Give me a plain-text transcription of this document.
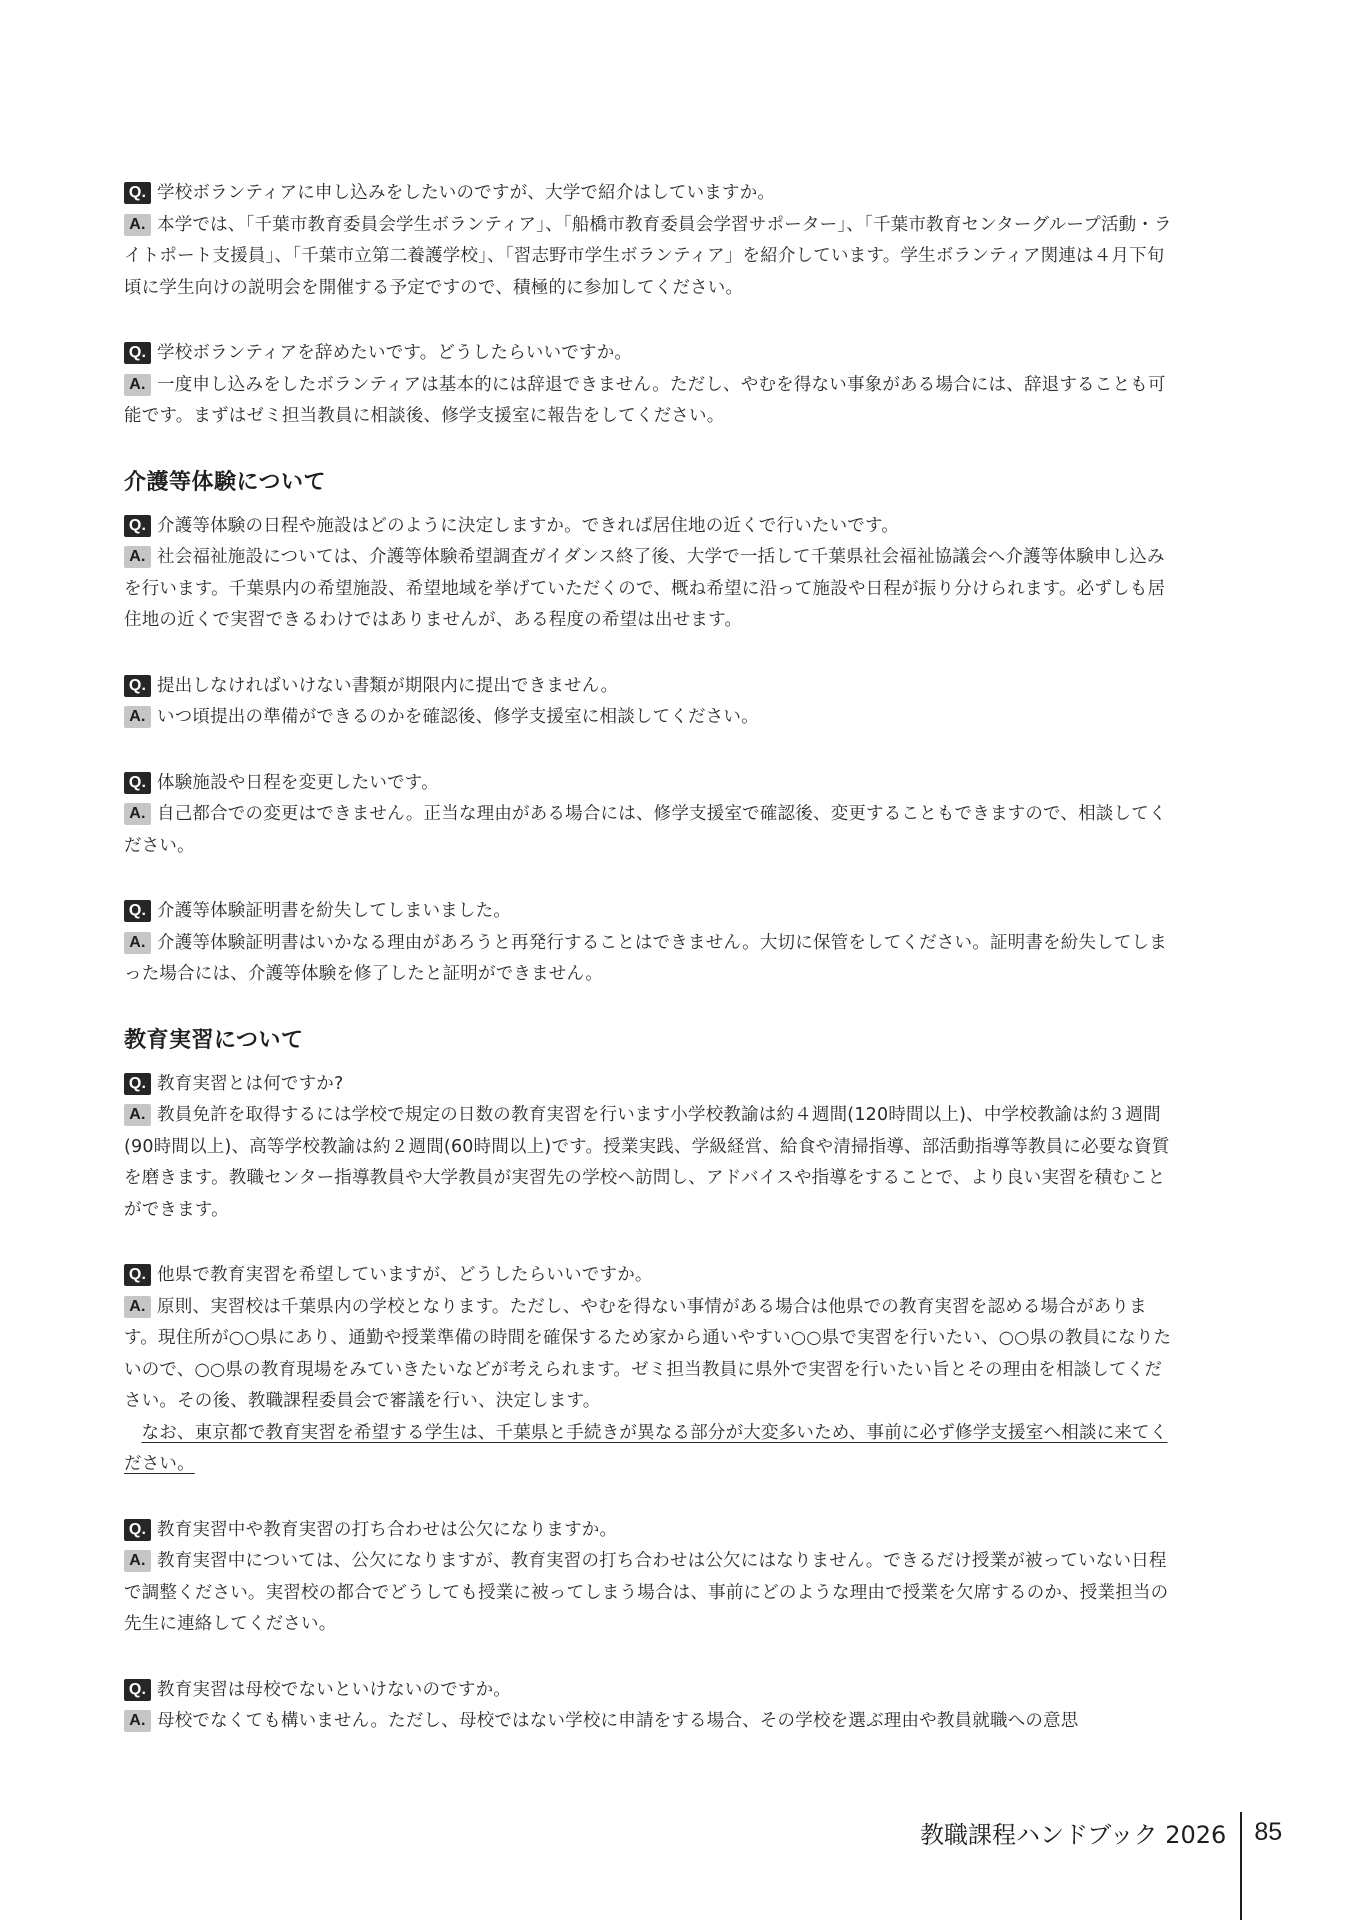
Q. 学校ボランティアに申し込みをしたいのですが、大学で紹介はしていますか。
A. 本学では、「千葉市教育委員会学生ボランティア」、「船橋市教育委員会学習サポーター」、「千葉市教育センターグループ活動・ライトポート支援員」、「千葉市立第二養護学校」、「習志野市学生ボランティア」を紹介しています。学生ボランティア関連は４月下旬頃に学生向けの説明会を開催する予定ですので、積極的に参加してください。
Q. 学校ボランティアを辞めたいです。どうしたらいいですか。
A. 一度申し込みをしたボランティアは基本的には辞退できません。ただし、やむを得ない事象がある場合には、辞退することも可能です。まずはゼミ担当教員に相談後、修学支援室に報告をしてください。
介護等体験について
Q. 介護等体験の日程や施設はどのように決定しますか。できれば居住地の近くで行いたいです。
A. 社会福祉施設については、介護等体験希望調査ガイダンス終了後、大学で一括して千葉県社会福祉協議会へ介護等体験申し込みを行います。千葉県内の希望施設、希望地域を挙げていただくので、概ね希望に沿って施設や日程が振り分けられます。必ずしも居住地の近くで実習できるわけではありませんが、ある程度の希望は出せます。
Q. 提出しなければいけない書類が期限内に提出できません。
A. いつ頃提出の準備ができるのかを確認後、修学支援室に相談してください。
Q. 体験施設や日程を変更したいです。
A. 自己都合での変更はできません。正当な理由がある場合には、修学支援室で確認後、変更することもできますので、相談してください。
Q. 介護等体験証明書を紛失してしまいました。
A. 介護等体験証明書はいかなる理由があろうと再発行することはできません。大切に保管をしてください。証明書を紛失してしまった場合には、介護等体験を修了したと証明ができません。
教育実習について
Q. 教育実習とは何ですか?
A. 教員免許を取得するには学校で規定の日数の教育実習を行います小学校教諭は約４週間(120時間以上)、中学校教諭は約３週間(90時間以上)、高等学校教諭は約２週間(60時間以上)です。授業実践、学級経営、給食や清掃指導、部活動指導等教員に必要な資質を磨きます。教職センター指導教員や大学教員が実習先の学校へ訪問し、アドバイスや指導をすることで、より良い実習を積むことができます。
Q. 他県で教育実習を希望していますが、どうしたらいいですか。
A. 原則、実習校は千葉県内の学校となります。ただし、やむを得ない事情がある場合は他県での教育実習を認める場合があります。現住所が○○県にあり、通勤や授業準備の時間を確保するため家から通いやすい○○県で実習を行いたい、○○県の教員になりたいので、○○県の教育現場をみていきたいなどが考えられます。ゼミ担当教員に県外で実習を行いたい旨とその理由を相談してください。その後、教職課程委員会で審議を行い、決定します。
なお、東京都で教育実習を希望する学生は、千葉県と手続きが異なる部分が大変多いため、事前に必ず修学支援室へ相談に来てください。
Q. 教育実習中や教育実習の打ち合わせは公欠になりますか。
A. 教育実習中については、公欠になりますが、教育実習の打ち合わせは公欠にはなりません。できるだけ授業が被っていない日程で調整ください。実習校の都合でどうしても授業に被ってしまう場合は、事前にどのような理由で授業を欠席するのか、授業担当の先生に連絡してください。
Q. 教育実習は母校でないといけないのですか。
A. 母校でなくても構いません。ただし、母校ではない学校に申請をする場合、その学校を選ぶ理由や教員就職への意思
教職課程ハンドブック 2026 85
